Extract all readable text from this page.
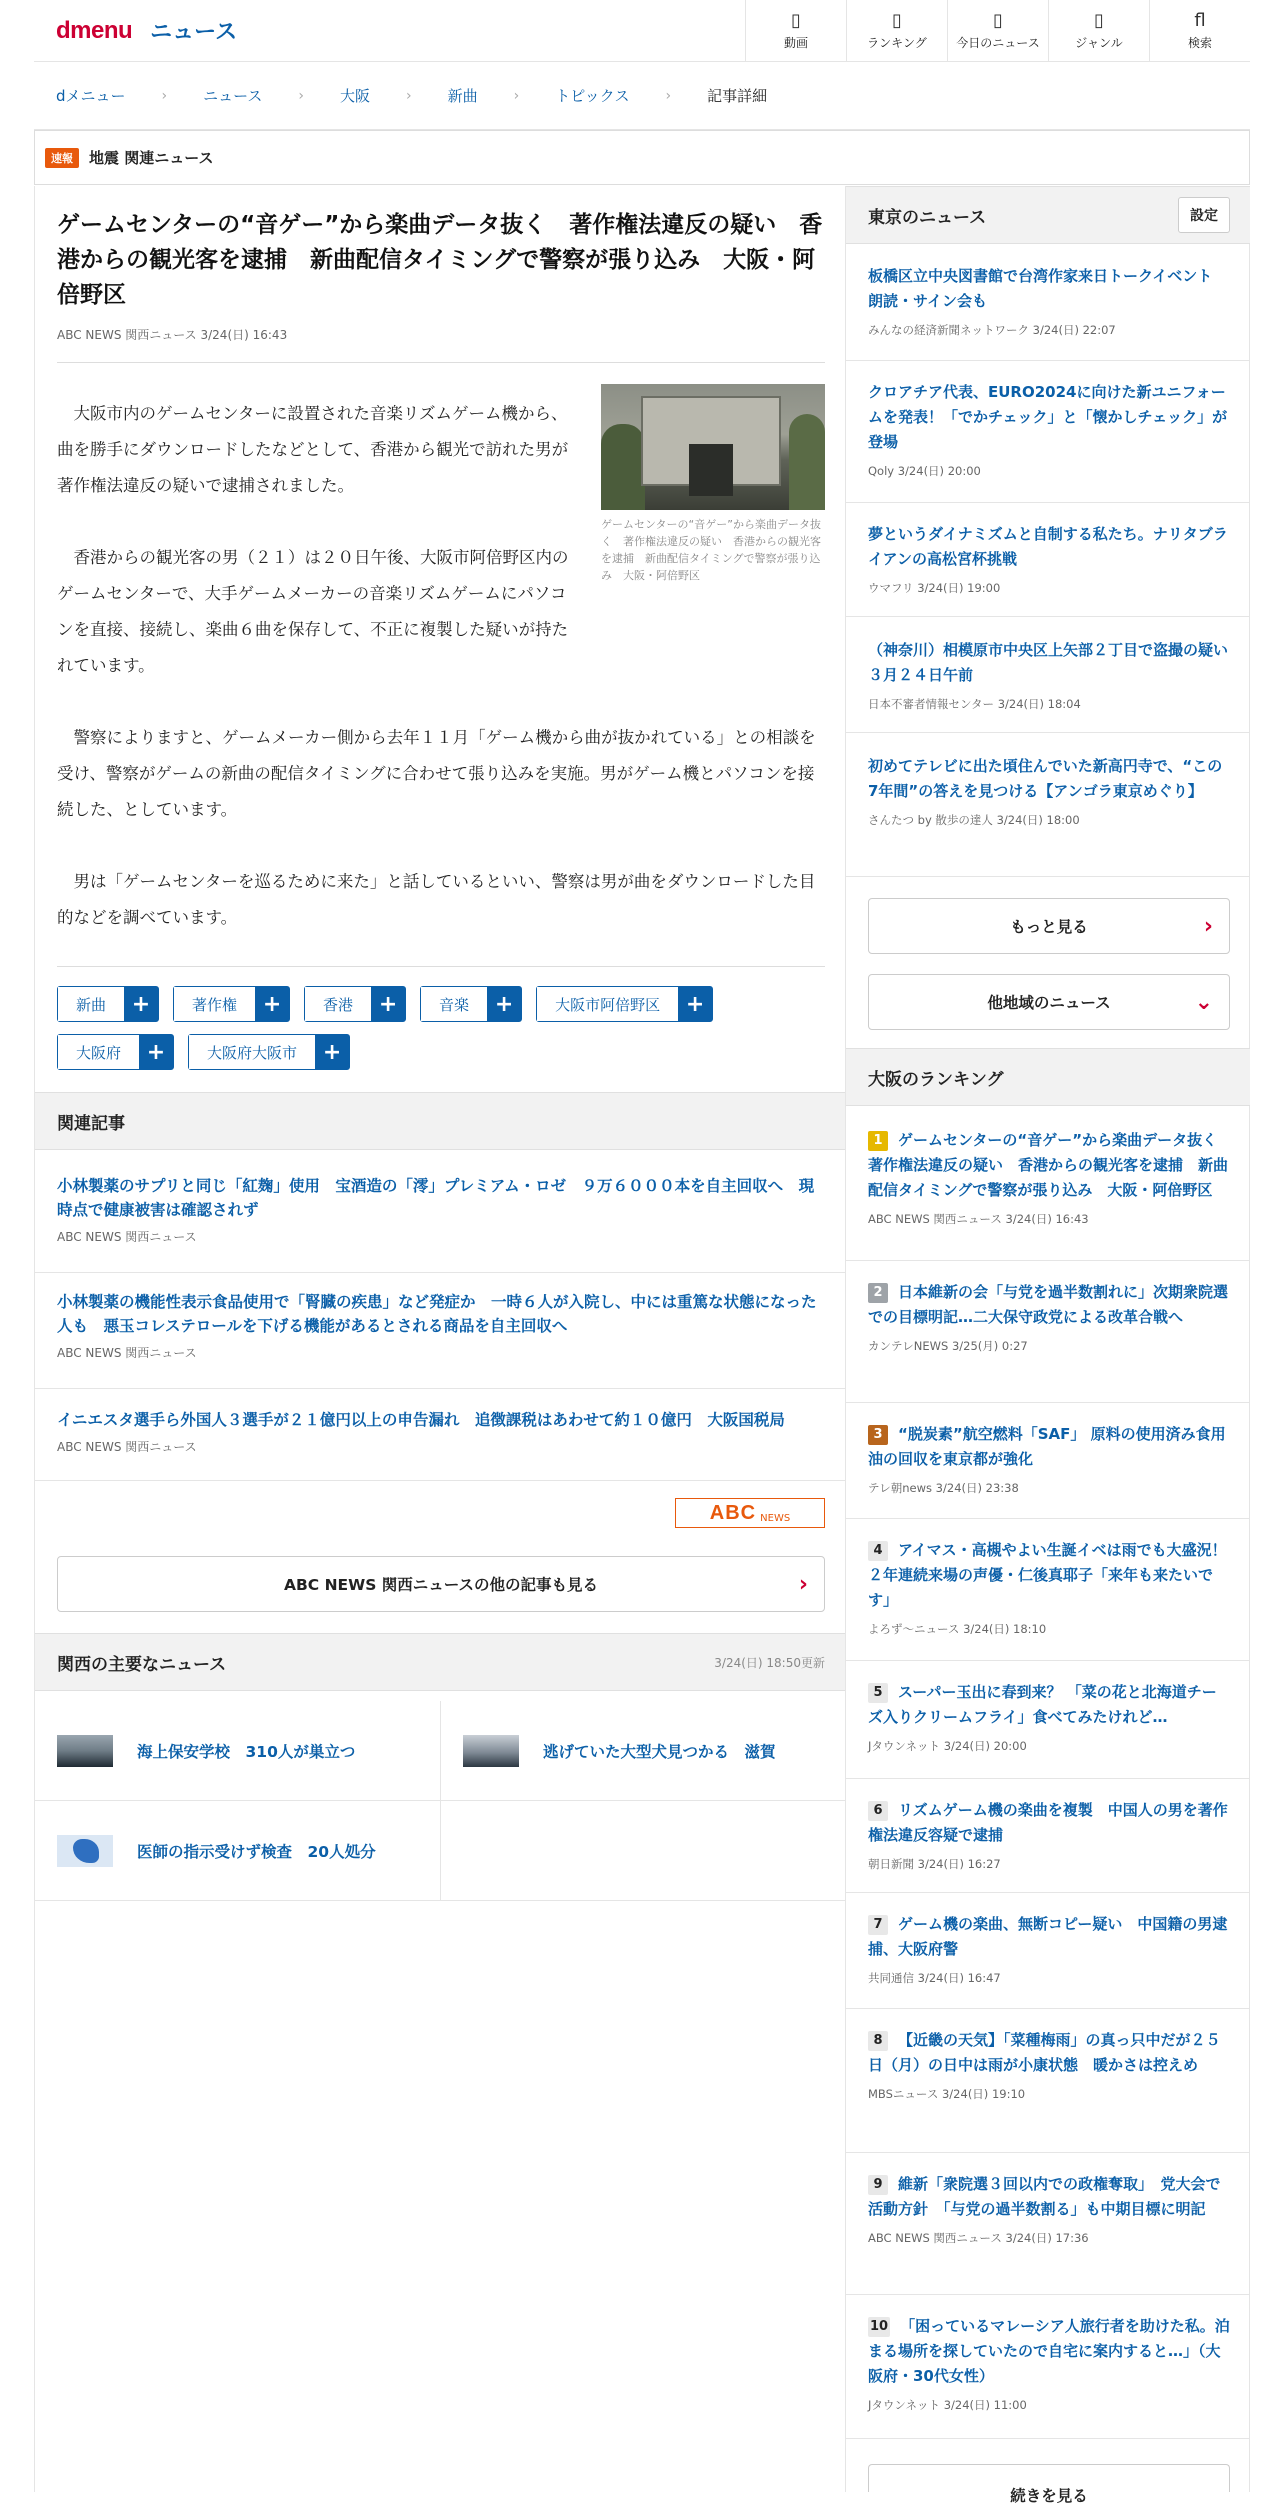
dmenu ニュース	▯
動画
▯
ランキング
▯
今日のニュース
▯
ジャンル
fl
検索
dメニュー	› ニュース	› 大阪	› 新曲	› トピックス	› 記事詳細
速報	地震 関連ニュース
ゲームセンターの“音ゲー”から楽曲データ抜く　著作権法違反の疑い　香港からの観光客を逮捕　新曲配信タイミングで警察が張り込み　大阪・阿倍野区
ABC NEWS 関西ニュース 3/24(日) 16:43
ゲームセンターの“音ゲー”から楽曲データ抜く　著作権法違反の疑い　香港からの観光客を逮捕　新曲配信タイミングで警察が張り込み　大阪・阿倍野区

大阪市内のゲームセンターに設置された音楽リズムゲーム機から、曲を勝手にダウンロードしたなどとして、香港から観光で訪れた男が著作権法違反の疑いで逮捕されました。

香港からの観光客の男（２１）は２０日午後、大阪市阿倍野区内のゲームセンターで、大手ゲームメーカーの音楽リズムゲームにパソコンを直接、接続し、楽曲６曲を保存して、不正に複製した疑いが持たれています。

警察によりますと、ゲームメーカー側から去年１１月「ゲーム機から曲が抜かれている」との相談を受け、警察がゲームの新曲の配信タイミングに合わせて張り込みを実施。男がゲーム機とパソコンを接続した、としています。

男は「ゲームセンターを巡るために来た」と話しているといい、警察は男が曲をダウンロードした目的などを調べています。

新曲	+	著作権	+	香港	+	音楽	+	大阪市阿倍野区	+
大阪府	+	大阪府大阪市	+
関連記事
小林製薬のサプリと同じ「紅麹」使用　宝酒造の「澪」プレミアム・ロゼ　９万６０００本を自主回収へ　現時点で健康被害は確認されず
ABC NEWS 関西ニュース
小林製薬の機能性表示食品使用で「腎臓の疾患」など発症か　一時６人が入院し、中には重篤な状態になった人も　悪玉コレステロールを下げる機能があるとされる商品を自主回収へ
ABC NEWS 関西ニュース
イニエスタ選手ら外国人３選手が２１億円以上の申告漏れ　追徴課税はあわせて約１０億円　大阪国税局
ABC NEWS 関西ニュース
ABC NEWS
ABC NEWS 関西ニュースの他の記事も見る	›
関西の主要なニュース	3/24(日) 18:50更新
海上保安学校　310人が巣立つ	逃げていた大型犬見つかる　滋賀
医師の指示受けず検査　20人処分
東京のニュース	設定
板橋区立中央図書館で台湾作家来日トークイベント　朗読・サイン会も
みんなの経済新聞ネットワーク 3/24(日) 22:07
クロアチア代表、EURO2024に向けた新ユニフォームを発表！「でかチェック」と「懐かしチェック」が登場
Qoly 3/24(日) 20:00
夢というダイナミズムと自制する私たち。ナリタブライアンの高松宮杯挑戦
ウマフリ 3/24(日) 19:00
（神奈川）相模原市中央区上矢部２丁目で盗撮の疑い　３月２４日午前
日本不審者情報センター 3/24(日) 18:04
初めてテレビに出た頃住んでいた新高円寺で、“この7年間”の答えを見つける【アンゴラ東京めぐり】
さんたつ by 散歩の達人 3/24(日) 18:00
もっと見る	›
他地域のニュース	⌄
大阪のランキング
1 ゲームセンターの“音ゲー”から楽曲データ抜く　著作権法違反の疑い　香港からの観光客を逮捕　新曲配信タイミングで警察が張り込み　大阪・阿倍野区
ABC NEWS 関西ニュース 3/24(日) 16:43
2 日本維新の会「与党を過半数割れに」次期衆院選での目標明記…二大保守政党による改革合戦へ
カンテレNEWS 3/25(月) 0:27
3 “脱炭素”航空燃料「SAF」 原料の使用済み食用油の回収を東京都が強化
テレ朝news 3/24(日) 23:38
4 アイマス・高槻やよい生誕イベは雨でも大盛況！２年連続来場の声優・仁後真耶子「来年も来たいです」
よろず〜ニュース 3/24(日) 18:10
5 スーパー玉出に春到来？ 「菜の花と北海道チーズ入りクリームフライ」食べてみたけれど…
Jタウンネット 3/24(日) 20:00
6 リズムゲーム機の楽曲を複製　中国人の男を著作権法違反容疑で逮捕
朝日新聞 3/24(日) 16:27
7 ゲーム機の楽曲、無断コピー疑い　中国籍の男逮捕、大阪府警
共同通信 3/24(日) 16:47
8 【近畿の天気】「菜種梅雨」の真っ只中だが２５日（月）の日中は雨が小康状態　暖かさは控えめ
MBSニュース 3/24(日) 19:10
9 維新「衆院選３回以内での政権奪取」　党大会で活動方針　「与党の過半数割る」も中期目標に明記
ABC NEWS 関西ニュース 3/24(日) 17:36
10 「困っているマレーシア人旅行者を助けた私。泊まる場所を探していたので自宅に案内すると…」（大阪府・30代女性）
Jタウンネット 3/24(日) 11:00
続きを見る
